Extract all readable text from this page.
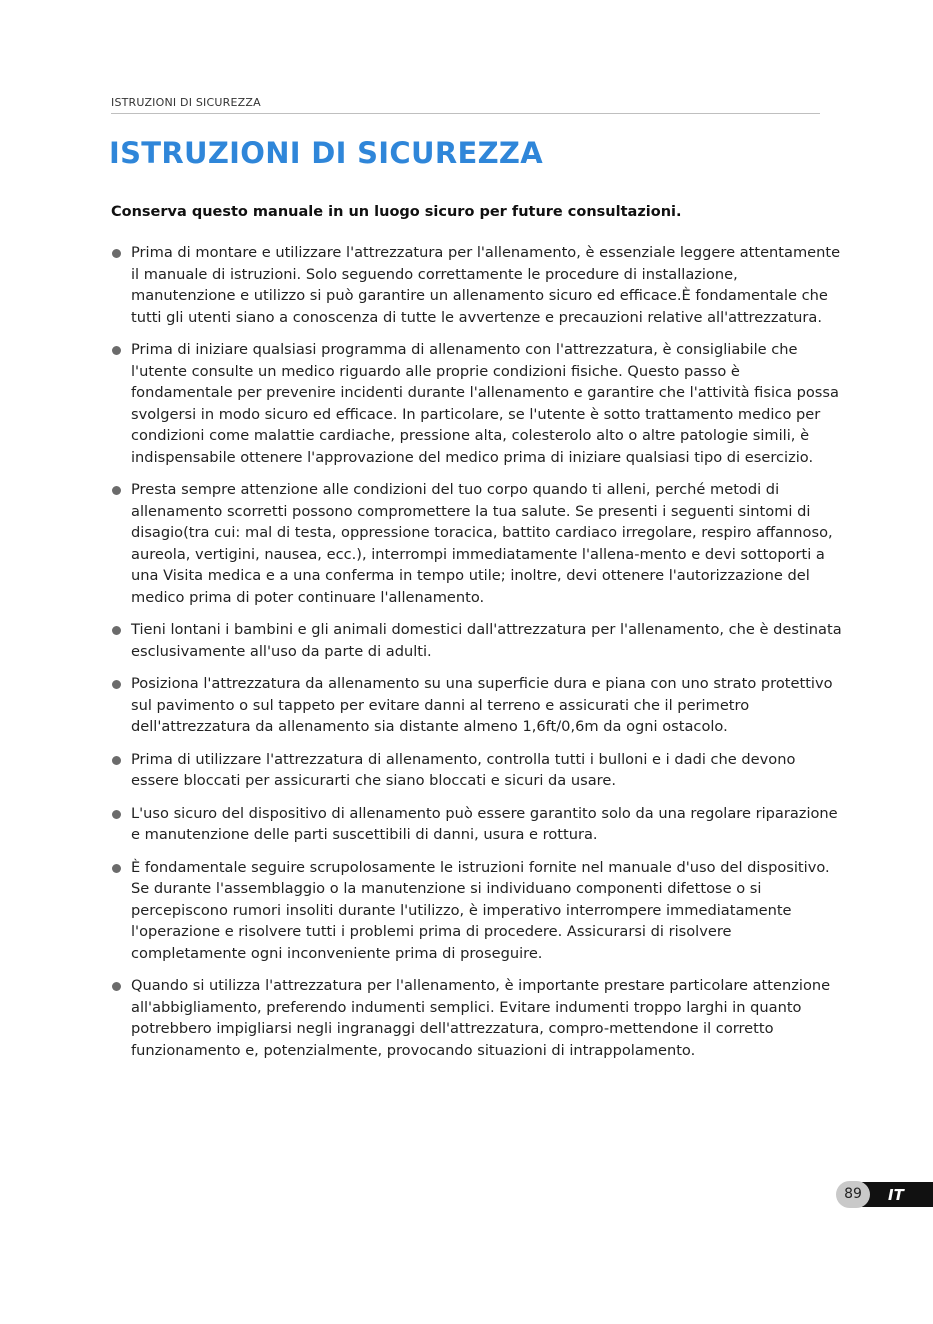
ISTRUZIONI DI SICUREZZA
ISTRUZIONI DI SICUREZZA

Conserva questo manuale in un luogo sicuro per future consultazioni.

Prima di montare e utilizzare l'attrezzatura per l'allenamento, è essenziale leggere attentamente il manuale di istruzioni. Solo seguendo correttamente le procedure di installazione, manutenzione e utilizzo si può garantire un allenamento sicuro ed efficace.È fondamentale che tutti gli utenti siano a conoscenza di tutte le avvertenze e precauzioni relative all'attrezzatura.
Prima di iniziare qualsiasi programma di allenamento con l'attrezzatura, è consigliabile che l'utente consulte un medico riguardo alle proprie condizioni fisiche. Questo passo è fondamentale per prevenire incidenti durante l'allenamento e garantire che l'attività fisica possa svolgersi in modo sicuro ed efficace. In particolare, se l'utente è sotto trattamento medico per condizioni come malattie cardiache, pressione alta, colesterolo alto o altre patologie simili, è indispensabile ottenere l'approvazione del medico prima di iniziare qualsiasi tipo di esercizio.
Presta sempre attenzione alle condizioni del tuo corpo quando ti alleni, perché metodi di allenamento scorretti possono compromettere la tua salute. Se presenti i seguenti sintomi di disagio(tra cui: mal di testa, oppressione toracica, battito cardiaco irregolare, respiro affannoso, aureola, vertigini, nausea, ecc.), interrompi immediatamente l'allena-mento e devi sottoporti a una Visita medica e a una conferma in tempo utile; inoltre, devi ottenere l'autorizzazione del medico prima di poter continuare l'allenamento.
Tieni lontani i bambini e gli animali domestici dall'attrezzatura per l'allenamento, che è destinata esclusivamente all'uso da parte di adulti.
Posiziona l'attrezzatura da allenamento su una superficie dura e piana con uno strato protettivo sul pavimento o sul tappeto per evitare danni al terreno e assicurati che il perimetro dell'attrezzatura da allenamento sia distante almeno 1,6ft/0,6m da ogni ostacolo.
Prima di utilizzare l'attrezzatura di allenamento, controlla tutti i bulloni e i dadi che devono essere bloccati per assicurarti che siano bloccati e sicuri da usare.
L'uso sicuro del dispositivo di allenamento può essere garantito solo da una regolare riparazione e manutenzione delle parti suscettibili di danni, usura e rottura.
È fondamentale seguire scrupolosamente le istruzioni fornite nel manuale d'uso del dispositivo. Se durante l'assemblaggio o la manutenzione si individuano componenti difettose o si percepiscono rumori insoliti durante l'utilizzo, è imperativo interrompere immediatamente l'operazione e risolvere tutti i problemi prima di procedere. Assicurarsi di risolvere completamente ogni inconveniente prima di proseguire.
Quando si utilizza l'attrezzatura per l'allenamento, è importante prestare particolare attenzione all'abbigliamento, preferendo indumenti semplici. Evitare indumenti troppo larghi in quanto potrebbero impigliarsi negli ingranaggi dell'attrezzatura, compro-mettendone il corretto funzionamento e, potenzialmente, provocando situazioni di intrappolamento.
IT
89
